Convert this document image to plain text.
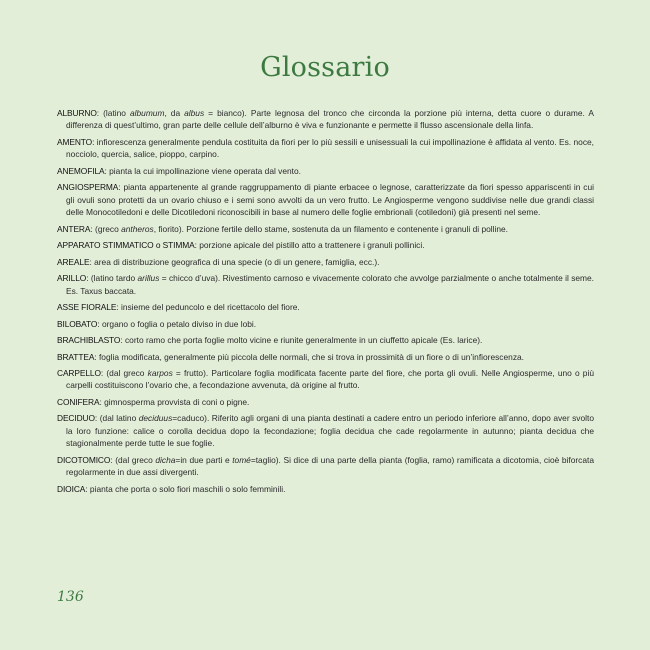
Glossario

ALBURNO: (latino albumum, da albus = bianco). Parte legnosa del tronco che circonda la porzione più interna, detta cuore o durame. A differenza di quest’ultimo, gran parte delle cellule dell’alburno è viva e funzionante e permette il flusso ascensionale della linfa.

AMENTO: infiorescenza generalmente pendula costituita da fiori per lo più sessili e unisessuali la cui impollinazione è affidata al vento. Es. noce, nocciolo, quercia, salice, pioppo, carpino.

ANEMOFILA: pianta la cui impollinazione viene operata dal vento.

ANGIOSPERMA: pianta appartenente al grande raggruppamento di piante erbacee o legnose, caratterizzate da fiori spesso appariscenti in cui gli ovuli sono protetti da un ovario chiuso e i semi sono avvolti da un vero frutto. Le Angiosperme vengono suddivise nelle due grandi classi delle Monocotiledoni e delle Dicotiledoni riconoscibili in base al numero delle foglie embrionali (cotiledoni) già presenti nel seme.

ANTERA: (greco antheros, fiorito). Porzione fertile dello stame, sostenuta da un filamento e contenente i granuli di polline.

APPARATO STIMMATICO o STIMMA: porzione apicale del pistillo atto a trattenere i granuli pollinici.

AREALE: area di distribuzione geografica di una specie (o di un genere, famiglia, ecc.).

ARILLO: (latino tardo arillus = chicco d’uva). Rivestimento carnoso e vivacemente colorato che avvolge parzialmente o anche totalmente il seme. Es. Taxus baccata.

ASSE FIORALE: insieme del peduncolo e del ricettacolo del fiore.

BILOBATO: organo o foglia o petalo diviso in due lobi.

BRACHIBLASTO: corto ramo che porta foglie molto vicine e riunite generalmente in un ciuffetto apicale (Es. larice).

BRATTEA: foglia modificata, generalmente più piccola delle normali, che si trova in prossimità di un fiore o di un’infiorescenza.

CARPELLO: (dal greco karpos = frutto). Particolare foglia modificata facente parte del fiore, che porta gli ovuli. Nelle Angiosperme, uno o più carpelli costituiscono l’ovario che, a fecondazione avvenuta, dà origine al frutto.

CONIFERA: gimnosperma provvista di coni o pigne.

DECIDUO: (dal latino deciduus=caduco). Riferito agli organi di una pianta destinati a cadere entro un periodo inferiore all’anno, dopo aver svolto la loro funzione: calice o corolla decidua dopo la fecondazione; foglia decidua che cade regolarmente in autunno; pianta decidua che stagionalmente perde tutte le sue foglie.

DICOTOMICO: (dal greco dicha=in due parti e tomé=taglio). Si dice di una parte della pianta (foglia, ramo) ramificata a dicotomia, cioè biforcata regolarmente in due assi divergenti.

DIOICA: pianta che porta o solo fiori maschili o solo femminili.

136
